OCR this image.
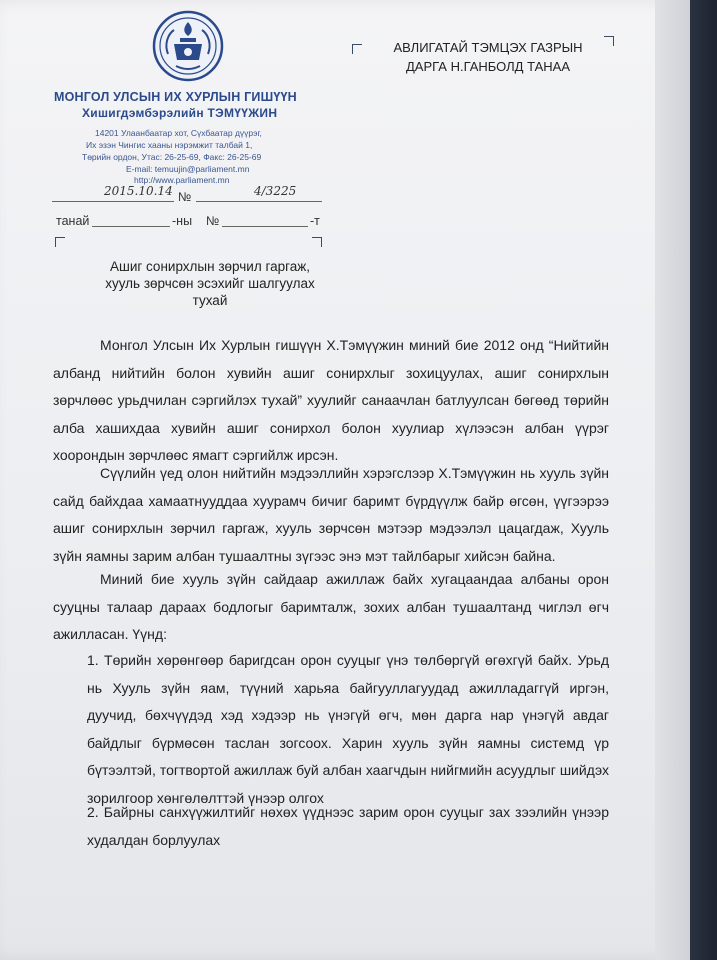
МОНГОЛ УЛСЫН ИХ ХУРЛЫН ГИШҮҮН
Хишигдэмбэрэлийн ТЭМҮҮЖИН
14201 Улаанбаатар хот, Сүхбаатар дүүрэг,
Их эзэн Чингис хааны нэрэмжит талбай 1,
Төрийн ордон, Утас: 26-25-69, Факс: 26-25-69
E-mail: temuujin@parliament.mn
http://www.parliament.mn
2015.10.14 №	4/3225
танай	-ны №	-т
АВЛИГАТАЙ ТЭМЦЭХ ГАЗРЫН
ДАРГА Н.ГАНБОЛД ТАНАА
Ашиг сонирхлын зөрчил гаргаж,
хууль зөрчсөн эсэхийг шалгуулах
тухай
Монгол Улсын Их Хурлын гишүүн Х.Тэмүүжин миний бие 2012 онд “Нийтийн албанд нийтийн болон хувийн ашиг сонирхлыг зохицуулах, ашиг сонирхлын зөрчлөөс урьдчилан сэргийлэх тухай” хуулийг санаачлан батлуулсан бөгөөд төрийн алба хашихдаа хувийн ашиг сонирхол болон хуулиар хүлээсэн албан үүрэг хоорондын зөрчлөөс ямагт сэргийлж ирсэн.
Сүүлийн үед олон нийтийн мэдээллийн хэрэгслээр Х.Тэмүүжин нь хууль зүйн сайд байхдаа хамаатнууддаа хуурамч бичиг баримт бүрдүүлж байр өгсөн, үүгээрээ ашиг сонирхлын зөрчил гаргаж, хууль зөрчсөн мэтээр мэдээлэл цацагдаж, Хууль зүйн яамны зарим албан тушаалтны зүгээс энэ мэт тайлбарыг хийсэн байна.
Миний бие хууль зүйн сайдаар ажиллаж байх хугацаандаа албаны орон сууцны талаар дараах бодлогыг баримталж, зохих албан тушаалтанд чиглэл өгч ажилласан. Үүнд:
1. Төрийн хөрөнгөөр баригдсан орон сууцыг үнэ төлбөргүй өгөхгүй байх. Урьд нь Хууль зүйн яам, түүний харьяа байгууллагуудад ажилладаггүй иргэн, дуучид, бөхчүүдэд хэд хэдээр нь үнэгүй өгч, мөн дарга нар үнэгүй авдаг байдлыг бүрмөсөн таслан зогсоох. Харин хууль зүйн яамны системд үр бүтээлтэй, тогтвортой ажиллаж буй албан хаагчдын нийгмийн асуудлыг шийдэх зорилгоор хөнгөлөлттэй үнээр олгох
2. Байрны санхүүжилтийг нөхөх үүднээс зарим орон сууцыг зах зээлийн үнээр худалдан борлуулах
